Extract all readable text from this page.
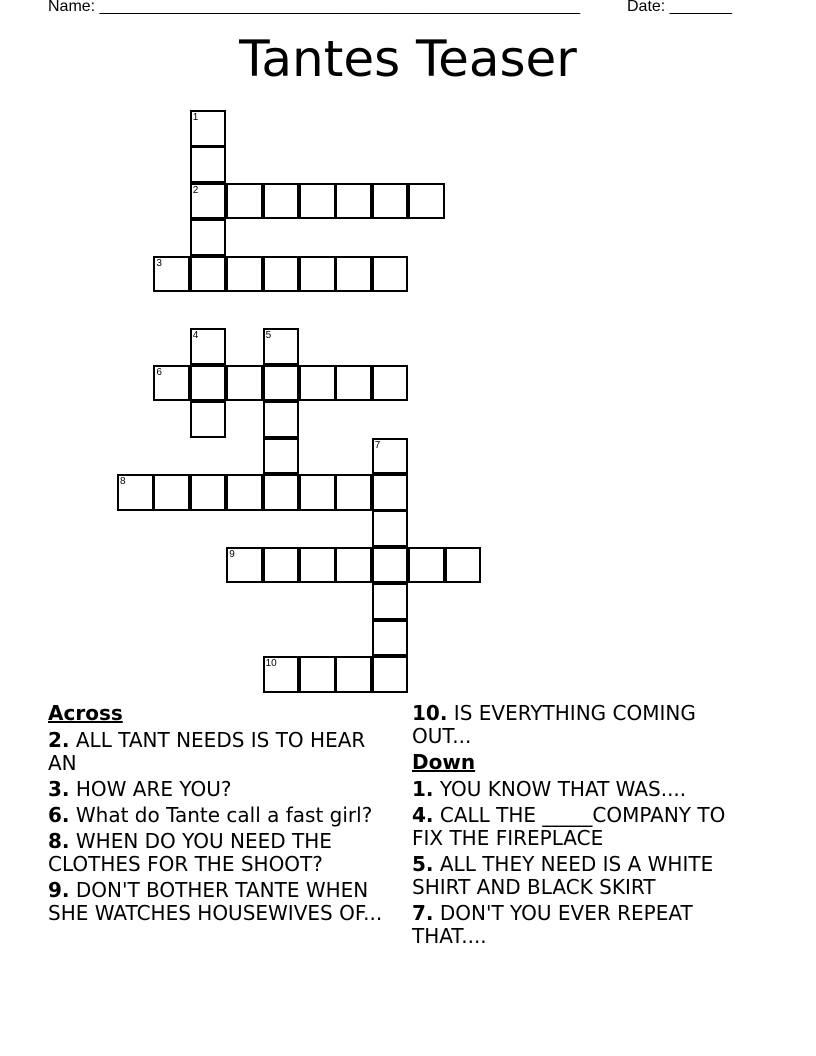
Name: ______________________________________________________	Date: _______
Tantes Teaser
1
2
3
4	5
6
7
8
9
10
Across
2. ALL TANT NEEDS IS TO HEAR AN
3. HOW ARE YOU?
6. What do Tante call a fast girl?
8. WHEN DO YOU NEED THE CLOTHES FOR THE SHOOT?
9. DON'T BOTHER TANTE WHEN SHE WATCHES HOUSEWIVES OF...
10. IS EVERYTHING COMING OUT...
Down
1. YOU KNOW THAT WAS....
4. CALL THE _____COMPANY TO FIX THE FIREPLACE
5. ALL THEY NEED IS A WHITE SHIRT AND BLACK SKIRT
7. DON'T YOU EVER REPEAT THAT....
